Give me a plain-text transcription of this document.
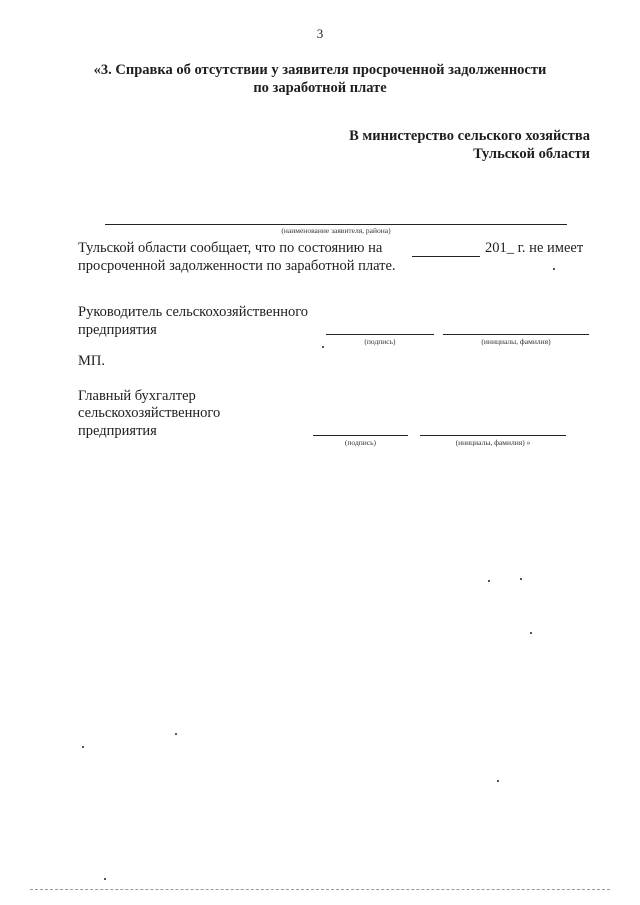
3
«3. Справка об отсутствии у заявителя просроченной задолженности
по заработной плате
В министерство сельского хозяйства
Тульской области
(наименование заявителя, района)
Тульской области сообщает, что по состоянию на	201_ г. не имеет
просроченной задолженности по заработной плате.
Руководитель сельскохозяйственного
предприятия
(подпись)	(инициалы, фамилия)
МП.
Главный бухгалтер
сельскохозяйственного
предприятия
(подпись)	(инициалы, фамилия) »
